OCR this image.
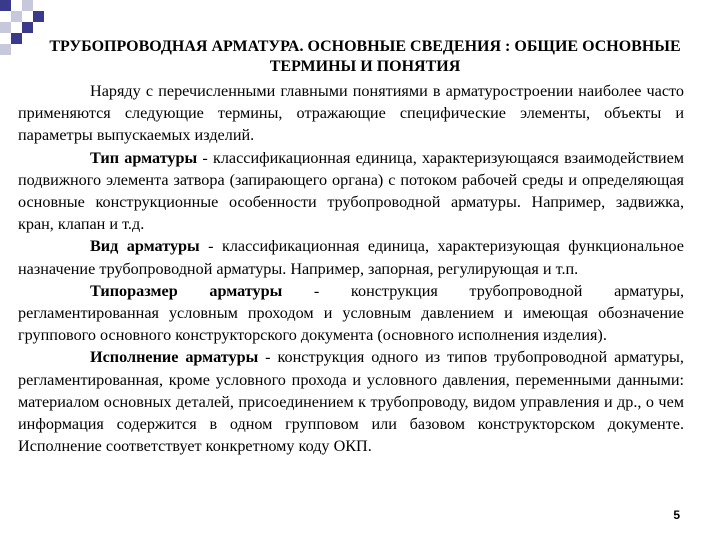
ТРУБОПРОВОДНАЯ АРМАТУРА. ОСНОВНЫЕ СВЕДЕНИЯ : ОБЩИЕ ОСНОВНЫЕ ТЕРМИНЫ И ПОНЯТИЯ

Наряду с перечисленными главными понятиями в арматуростроении наиболее часто применяются следующие термины, отражающие специфические элементы, объекты и параметры выпускаемых изделий.

Тип арматуры - классификационная единица, характеризующаяся взаимодействием подвижного элемента затвора (запирающего органа) с потоком рабочей среды и определяющая основные конструкционные особенности трубопроводной арматуры. Например, задвижка, кран, клапан и т.д.

Вид арматуры - классификационная единица, характеризующая функциональное назначение трубопроводной арматуры. Например, запорная, регулирующая и т.п.

Типоразмер арматуры - конструкция трубопроводной арматуры, регламентированная условным проходом и условным давлением и имеющая обозначение группового основного конструкторского документа (основного исполнения изделия).

Исполнение арматуры - конструкция одного из типов трубопроводной арматуры, регламентированная, кроме условного прохода и условного давления, переменными данными: материалом основных деталей, присоединением к трубопроводу, видом управления и др., о чем информация содержится в одном групповом или базовом конструкторском документе. Исполнение соответствует конкретному коду ОКП.

5
